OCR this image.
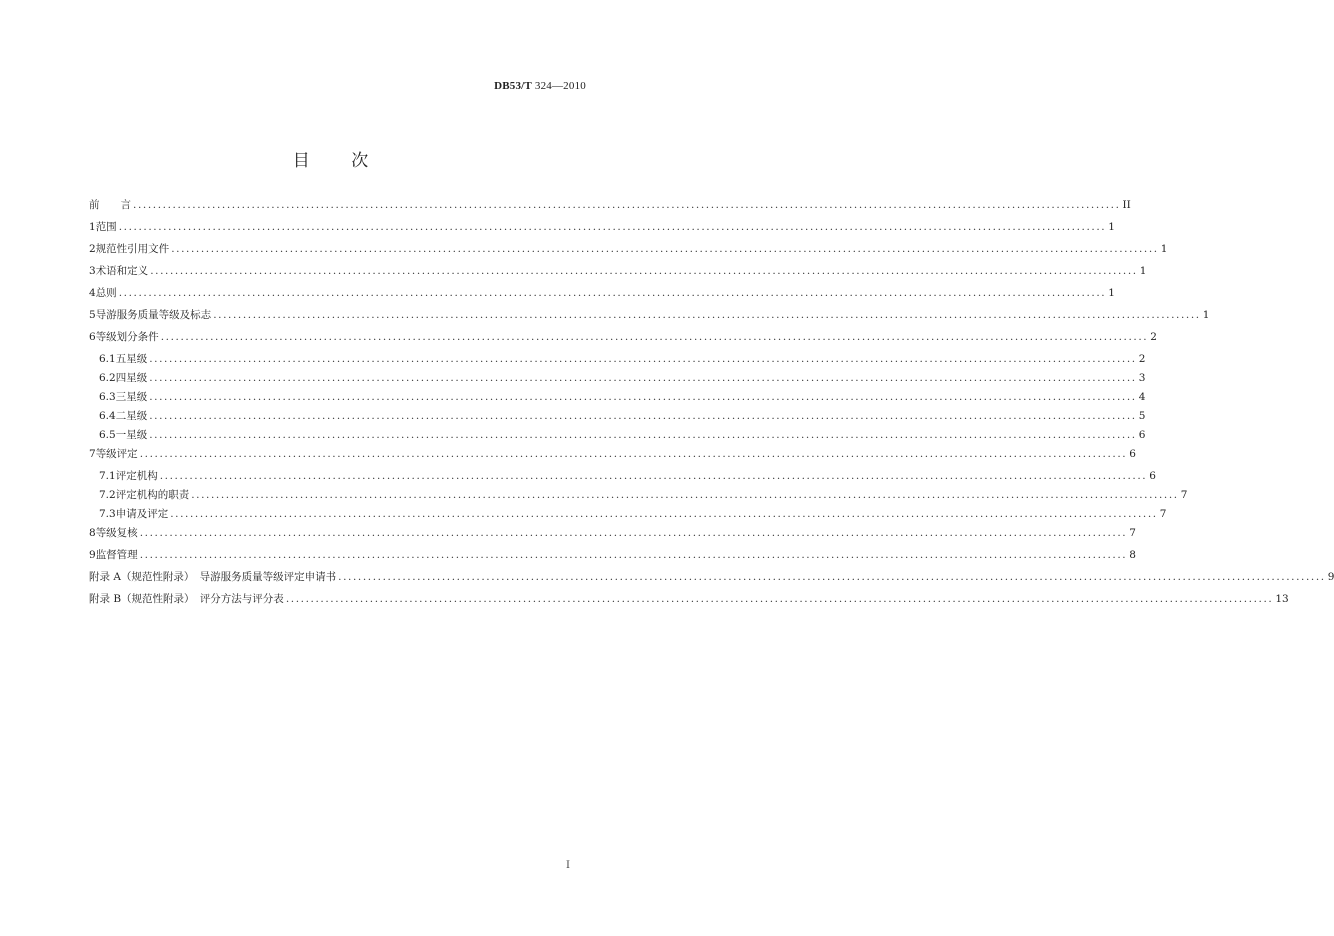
DB53/T 324—2010
目 次
前　　言 ........................................................................................................................................................................................................ II
1 范围 ........................................................................................................................................................................................................ 1
2 规范性引用文件 ........................................................................................................................................................................................................ 1
3 术语和定义 ........................................................................................................................................................................................................ 1
4 总则 ........................................................................................................................................................................................................ 1
5 导游服务质量等级及标志 ........................................................................................................................................................................................................ 1
6 等级划分条件 ........................................................................................................................................................................................................ 2
6.1 五星级 ........................................................................................................................................................................................................ 2
6.2 四星级 ........................................................................................................................................................................................................ 3
6.3 三星级 ........................................................................................................................................................................................................ 4
6.4 二星级 ........................................................................................................................................................................................................ 5
6.5 一星级 ........................................................................................................................................................................................................ 6
7 等级评定 ........................................................................................................................................................................................................ 6
7.1 评定机构 ........................................................................................................................................................................................................ 6
7.2 评定机构的职责 ........................................................................................................................................................................................................ 7
7.3 申请及评定 ........................................................................................................................................................................................................ 7
8 等级复核 ........................................................................................................................................................................................................ 7
9 监督管理 ........................................................................................................................................................................................................ 8
附录 A（规范性附录）　导游服务质量等级评定申请书 ........................................................................................................................................................................................................ 9
附录 B（规范性附录）　评分方法与评分表 ........................................................................................................................................................................................................ 13
I
